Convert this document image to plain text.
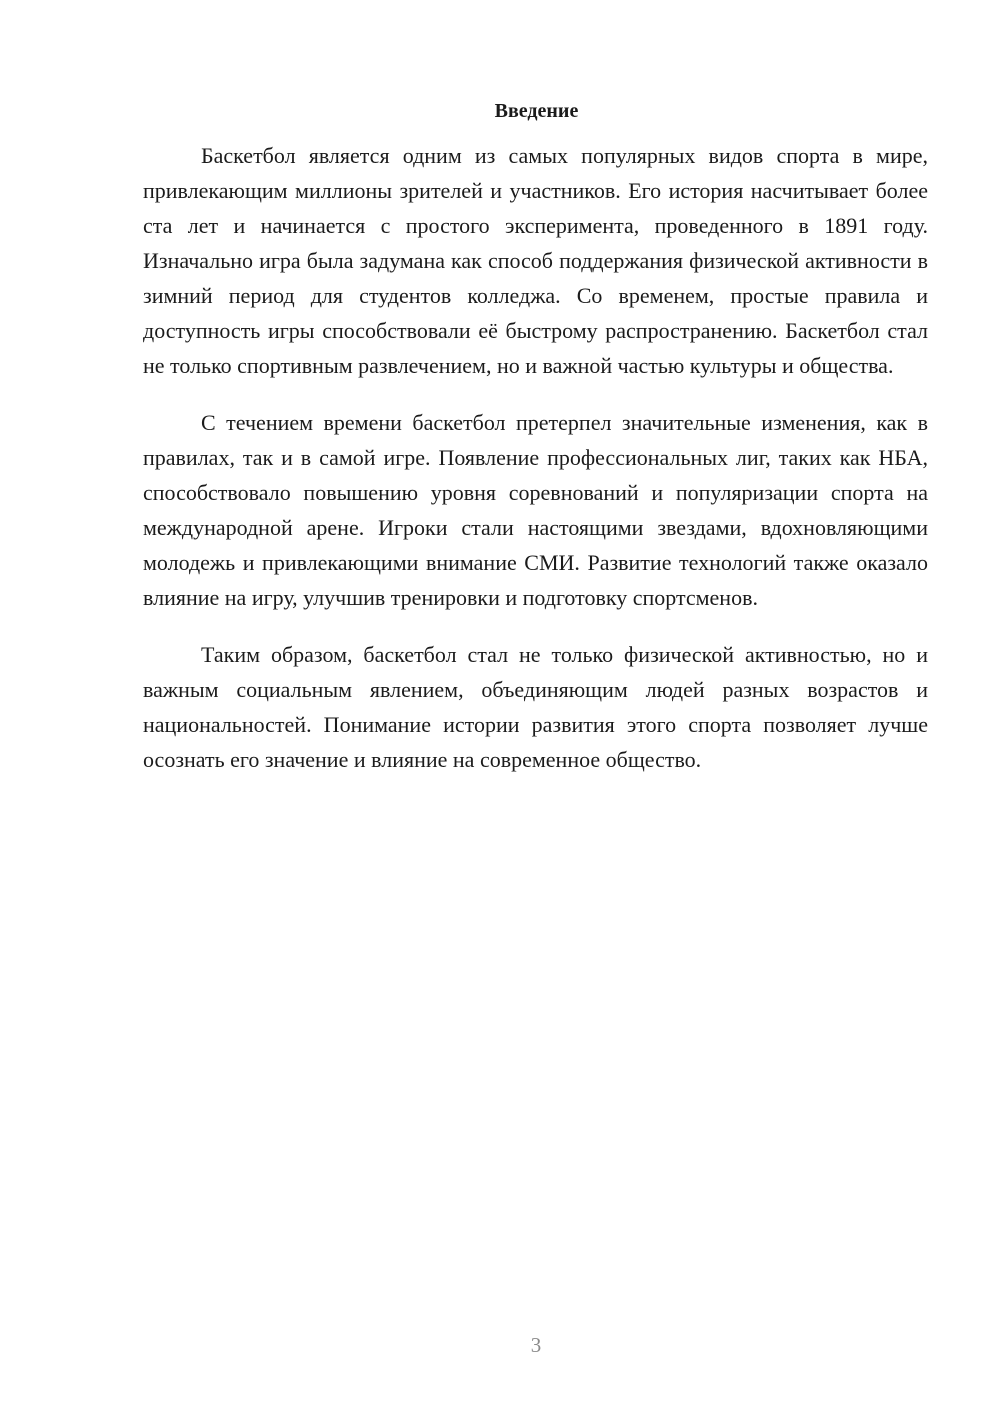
Введение

Баскетбол является одним из самых популярных видов спорта в мире, привлекающим миллионы зрителей и участников. Его история насчитывает более ста лет и начинается с простого эксперимента, проведенного в 1891 году. Изначально игра была задумана как способ поддержания физической активности в зимний период для студентов колледжа. Со временем, простые правила и доступность игры способствовали её быстрому распространению. Баскетбол стал не только спортивным развлечением, но и важной частью культуры и общества.

С течением времени баскетбол претерпел значительные изменения, как в правилах, так и в самой игре. Появление профессиональных лиг, таких как НБА, способствовало повышению уровня соревнований и популяризации спорта на международной арене. Игроки стали настоящими звездами, вдохновляющими молодежь и привлекающими внимание СМИ. Развитие технологий также оказало влияние на игру, улучшив тренировки и подготовку спортсменов.

Таким образом, баскетбол стал не только физической активностью, но и важным социальным явлением, объединяющим людей разных возрастов и национальностей. Понимание истории развития этого спорта позволяет лучше осознать его значение и влияние на современное общество.

3
